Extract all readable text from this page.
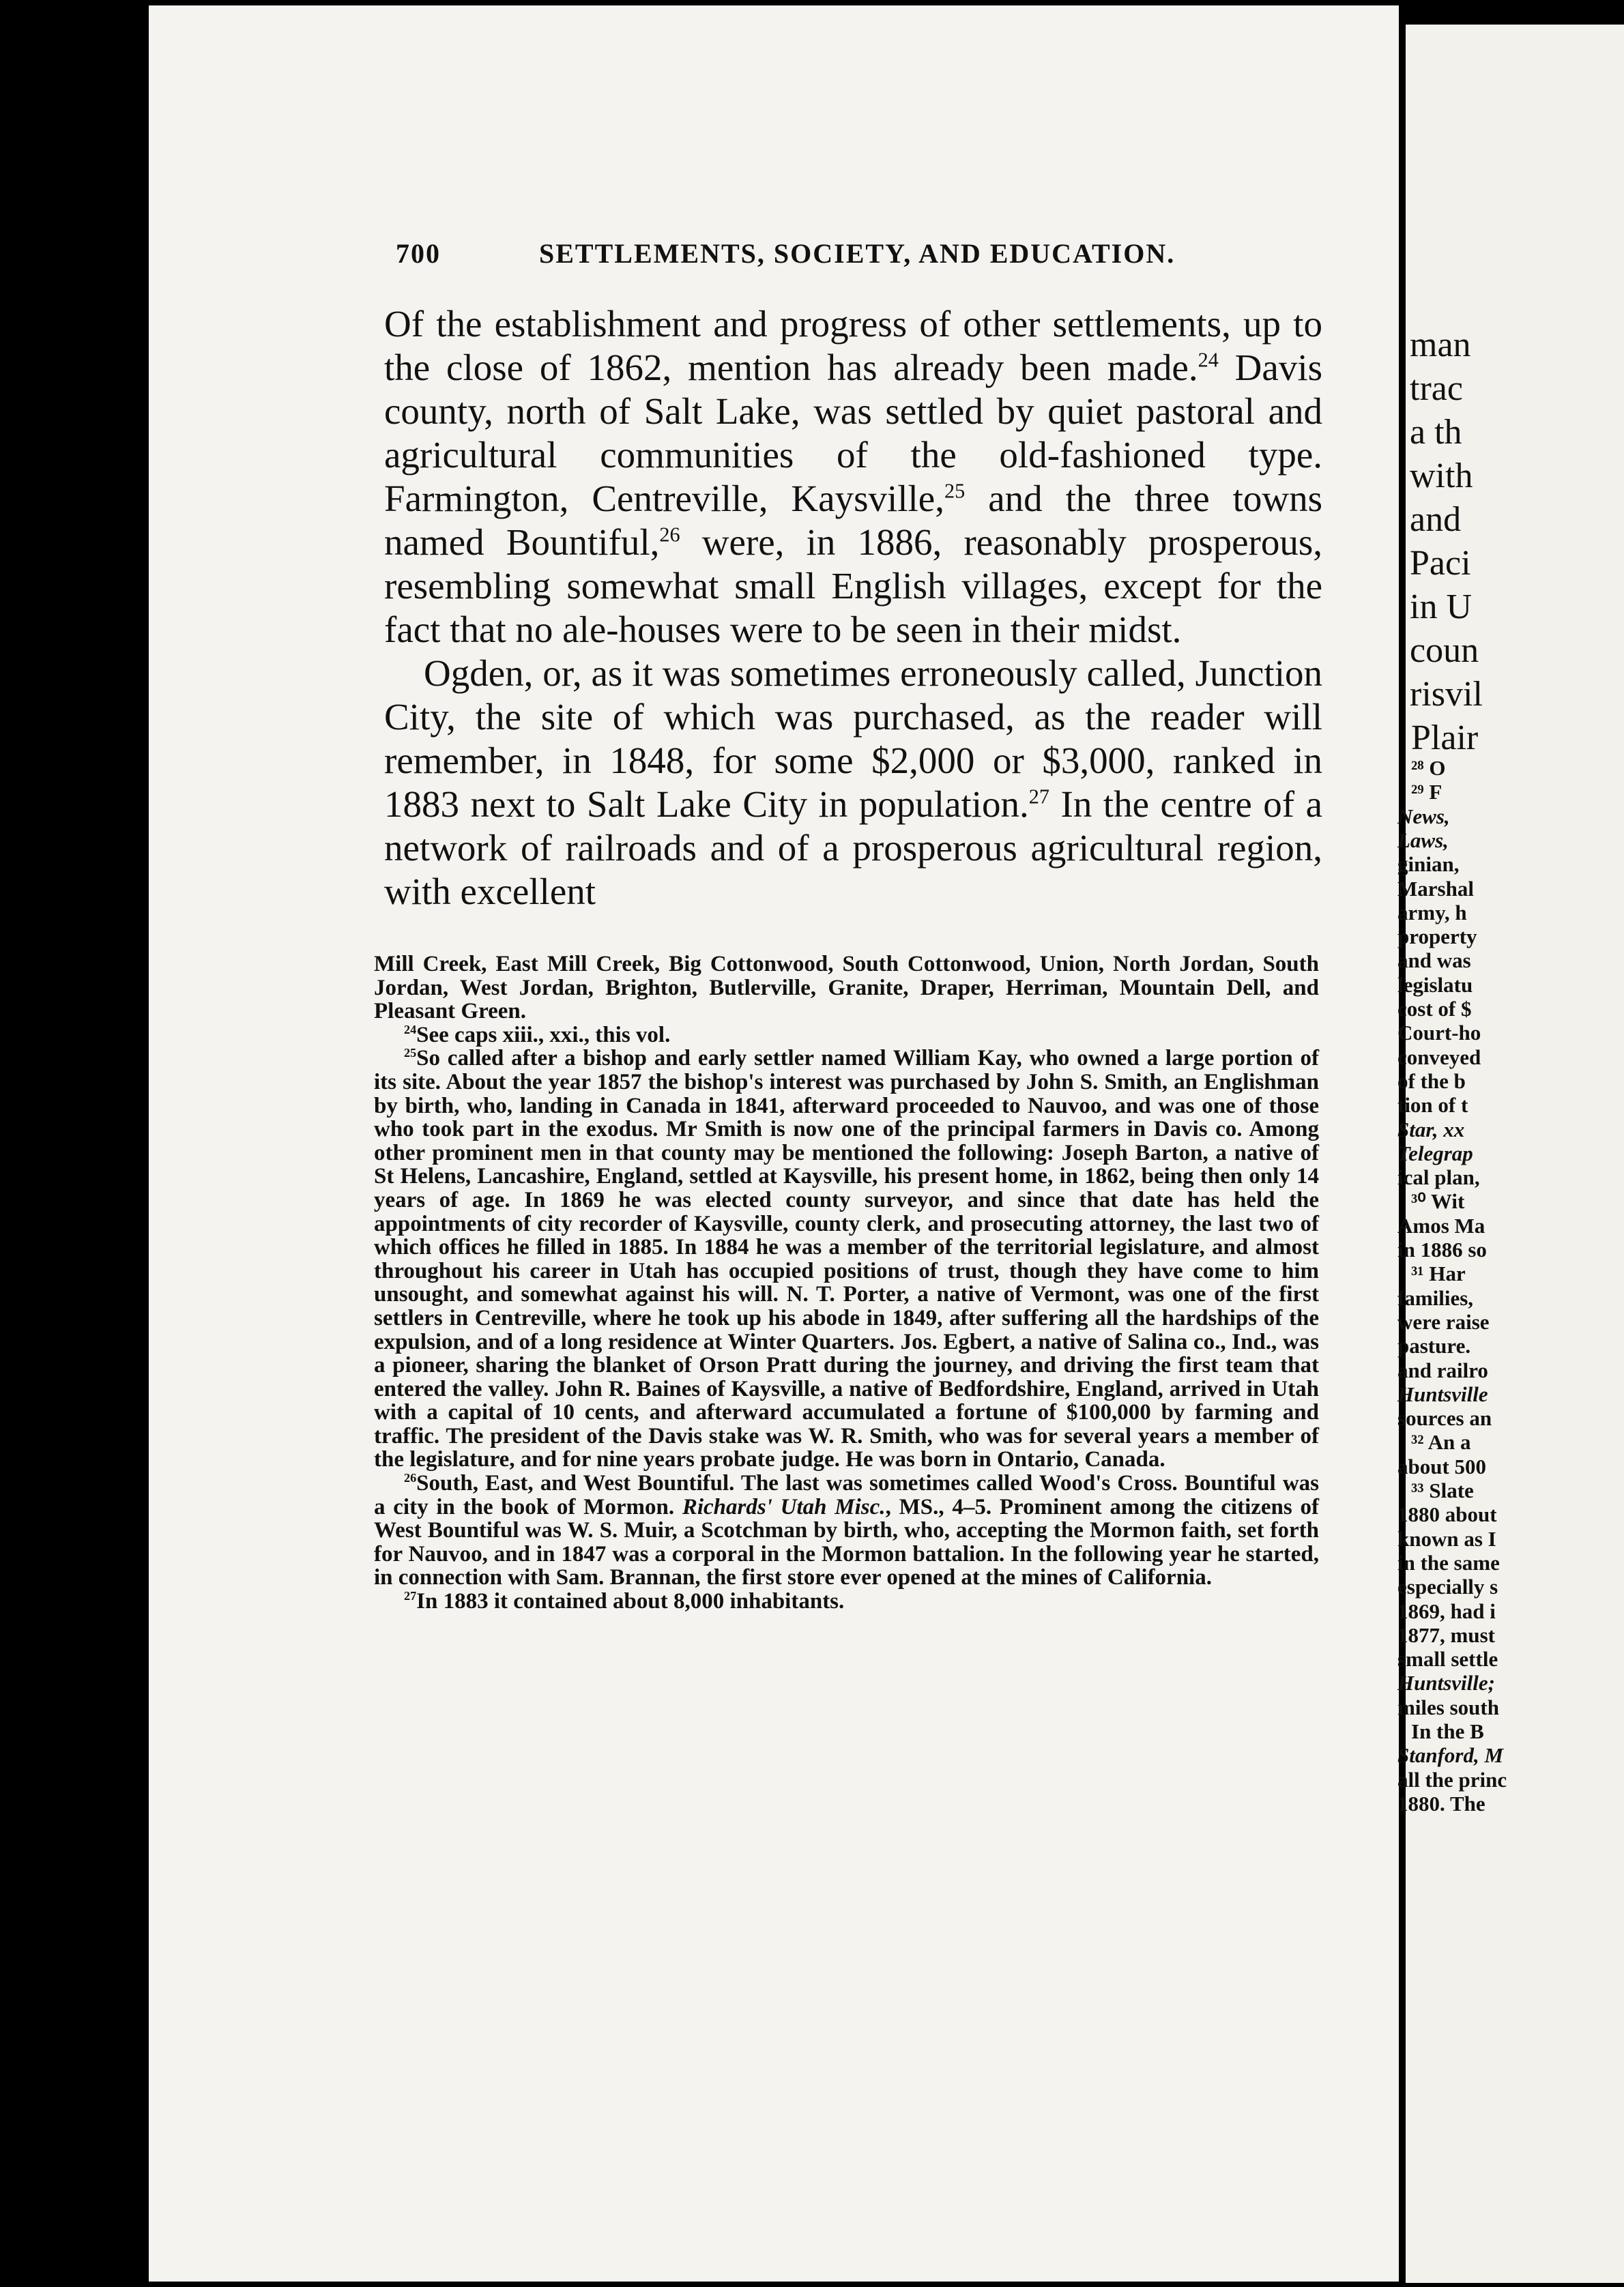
700	SETTLEMENTS, SOCIETY, AND EDUCATION.

Of the establishment and progress of other settlements, up to the close of 1862, mention has already been made.$^{24}$ Davis county, north of Salt Lake, was settled by quiet pastoral and agricultural communities of the old-fashioned type. Farmington, Centreville, Kaysville,$^{25}$ and the three towns named Bountiful,$^{26}$ were, in 1886, reasonably prosperous, resembling somewhat small English villages, except for the fact that no ale-houses were to be seen in their midst.

Ogden, or, as it was sometimes erroneously called, Junction City, the site of which was purchased, as the reader will remember, in 1848, for some $2,000 or $3,000, ranked in 1883 next to Salt Lake City in population.$^{27}$ In the centre of a network of railroads and of a prosperous agricultural region, with excellent

Mill Creek, East Mill Creek, Big Cottonwood, South Cottonwood, Union, North Jordan, South Jordan, West Jordan, Brighton, Butlerville, Granite, Draper, Herriman, Mountain Dell, and Pleasant Green.

$^{24}$See caps xiii., xxi., this vol.

$^{25}$So called after a bishop and early settler named William Kay, who owned a large portion of its site. About the year 1857 the bishop's interest was purchased by John S. Smith, an Englishman by birth, who, landing in Canada in 1841, afterward proceeded to Nauvoo, and was one of those who took part in the exodus. Mr Smith is now one of the principal farmers in Davis co. Among other prominent men in that county may be mentioned the following: Joseph Barton, a native of St Helens, Lancashire, England, settled at Kaysville, his present home, in 1862, being then only 14 years of age. In 1869 he was elected county surveyor, and since that date has held the appointments of city recorder of Kaysville, county clerk, and prosecuting attorney, the last two of which offices he filled in 1885. In 1884 he was a member of the territorial legislature, and almost throughout his career in Utah has occupied positions of trust, though they have come to him unsought, and somewhat against his will. N. T. Porter, a native of Vermont, was one of the first settlers in Centreville, where he took up his abode in 1849, after suffering all the hardships of the expulsion, and of a long residence at Winter Quarters. Jos. Egbert, a native of Salina co., Ind., was a pioneer, sharing the blanket of Orson Pratt during the journey, and driving the first team that entered the valley. John R. Baines of Kaysville, a native of Bedfordshire, England, arrived in Utah with a capital of 10 cents, and afterward accumulated a fortune of $100,000 by farming and traffic. The president of the Davis stake was W. R. Smith, who was for several years a member of the legislature, and for nine years probate judge. He was born in Ontario, Canada.

$^{26}$South, East, and West Bountiful. The last was sometimes called Wood's Cross. Bountiful was a city in the book of Mormon. Richards' Utah Misc., MS., 4–5. Prominent among the citizens of West Bountiful was W. S. Muir, a Scotchman by birth, who, accepting the Mormon faith, set forth for Nauvoo, and in 1847 was a corporal in the Mormon battalion. In the following year he started, in connection with Sam. Brannan, the first store ever opened at the mines of California.

$^{27}$In 1883 it contained about 8,000 inhabitants.

man
trac
a th
with
and
Paci
in U
coun
risvil
Plair
²⁸ O
²⁹ F
News,
Laws,
ginian,
Marshal
army, h
property
and was
legislatu
cost of $
Court-ho
conveyed
of the b
tion of t
Star, xx
Telegrap
ical plan,
³⁰ Wit
Amos Ma
in 1886 so
³¹ Har
families,
were raise
pasture.
and railro
Huntsville
sources an
³² An a
about 500
³³ Slate
1880 about
known as I
in the same
especially s
1869, had i
1877, must
small settle
Huntsville;
miles south
In the B
Stanford, M
all the princ
1880. The
